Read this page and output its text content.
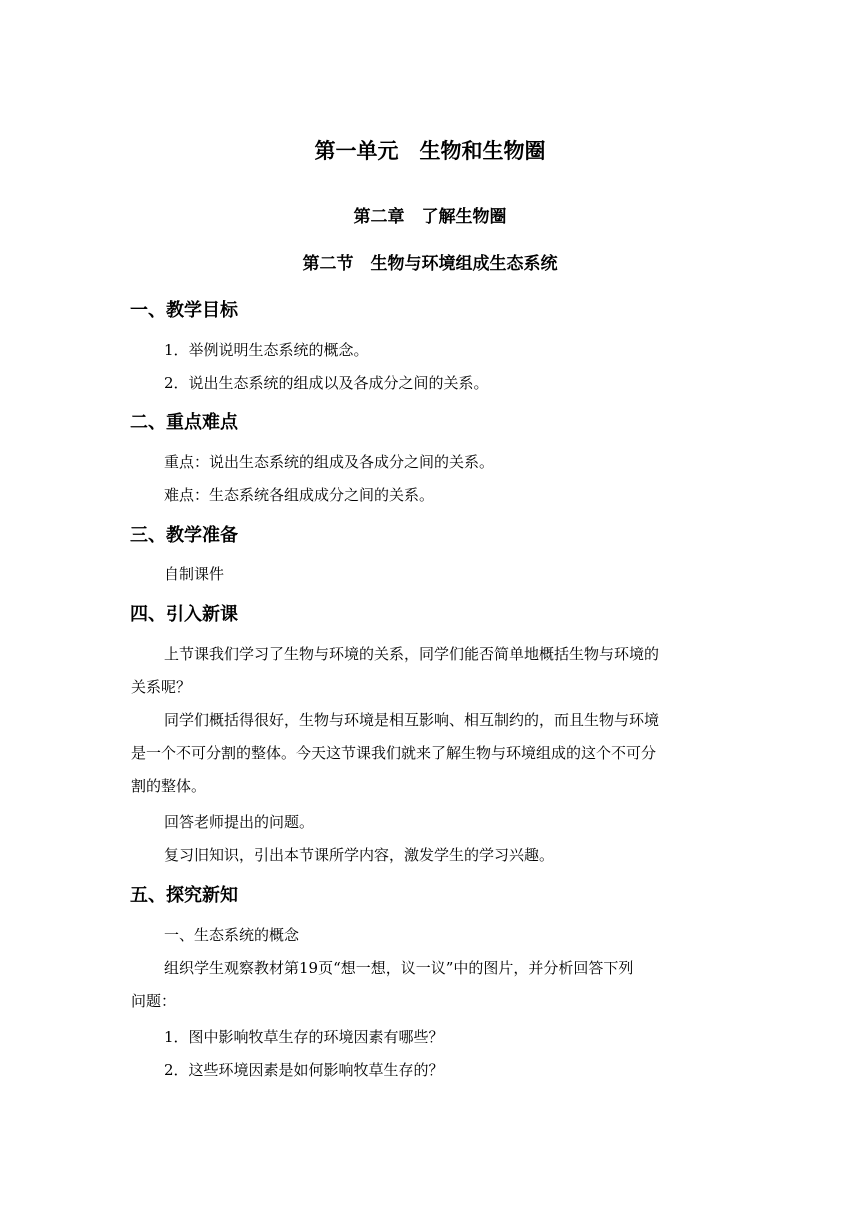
第一单元　生物和生物圈
第二章　了解生物圈
第二节　生物与环境组成生态系统
一、教学目标
1．举例说明生态系统的概念。
2．说出生态系统的组成以及各成分之间的关系。
二、重点难点
重点：说出生态系统的组成及各成分之间的关系。
难点：生态系统各组成成分之间的关系。
三、教学准备
自制课件
四、引入新课
上节课我们学习了生物与环境的关系，同学们能否简单地概括生物与环境的
关系呢？
同学们概括得很好，生物与环境是相互影响、相互制约的，而且生物与环境
是一个不可分割的整体。今天这节课我们就来了解生物与环境组成的这个不可分
割的整体。
回答老师提出的问题。
复习旧知识，引出本节课所学内容，激发学生的学习兴趣。
五、探究新知
一、生态系统的概念
组织学生观察教材第19页“想一想，议一议”中的图片，并分析回答下列
问题：
1．图中影响牧草生存的环境因素有哪些？
2．这些环境因素是如何影响牧草生存的？
